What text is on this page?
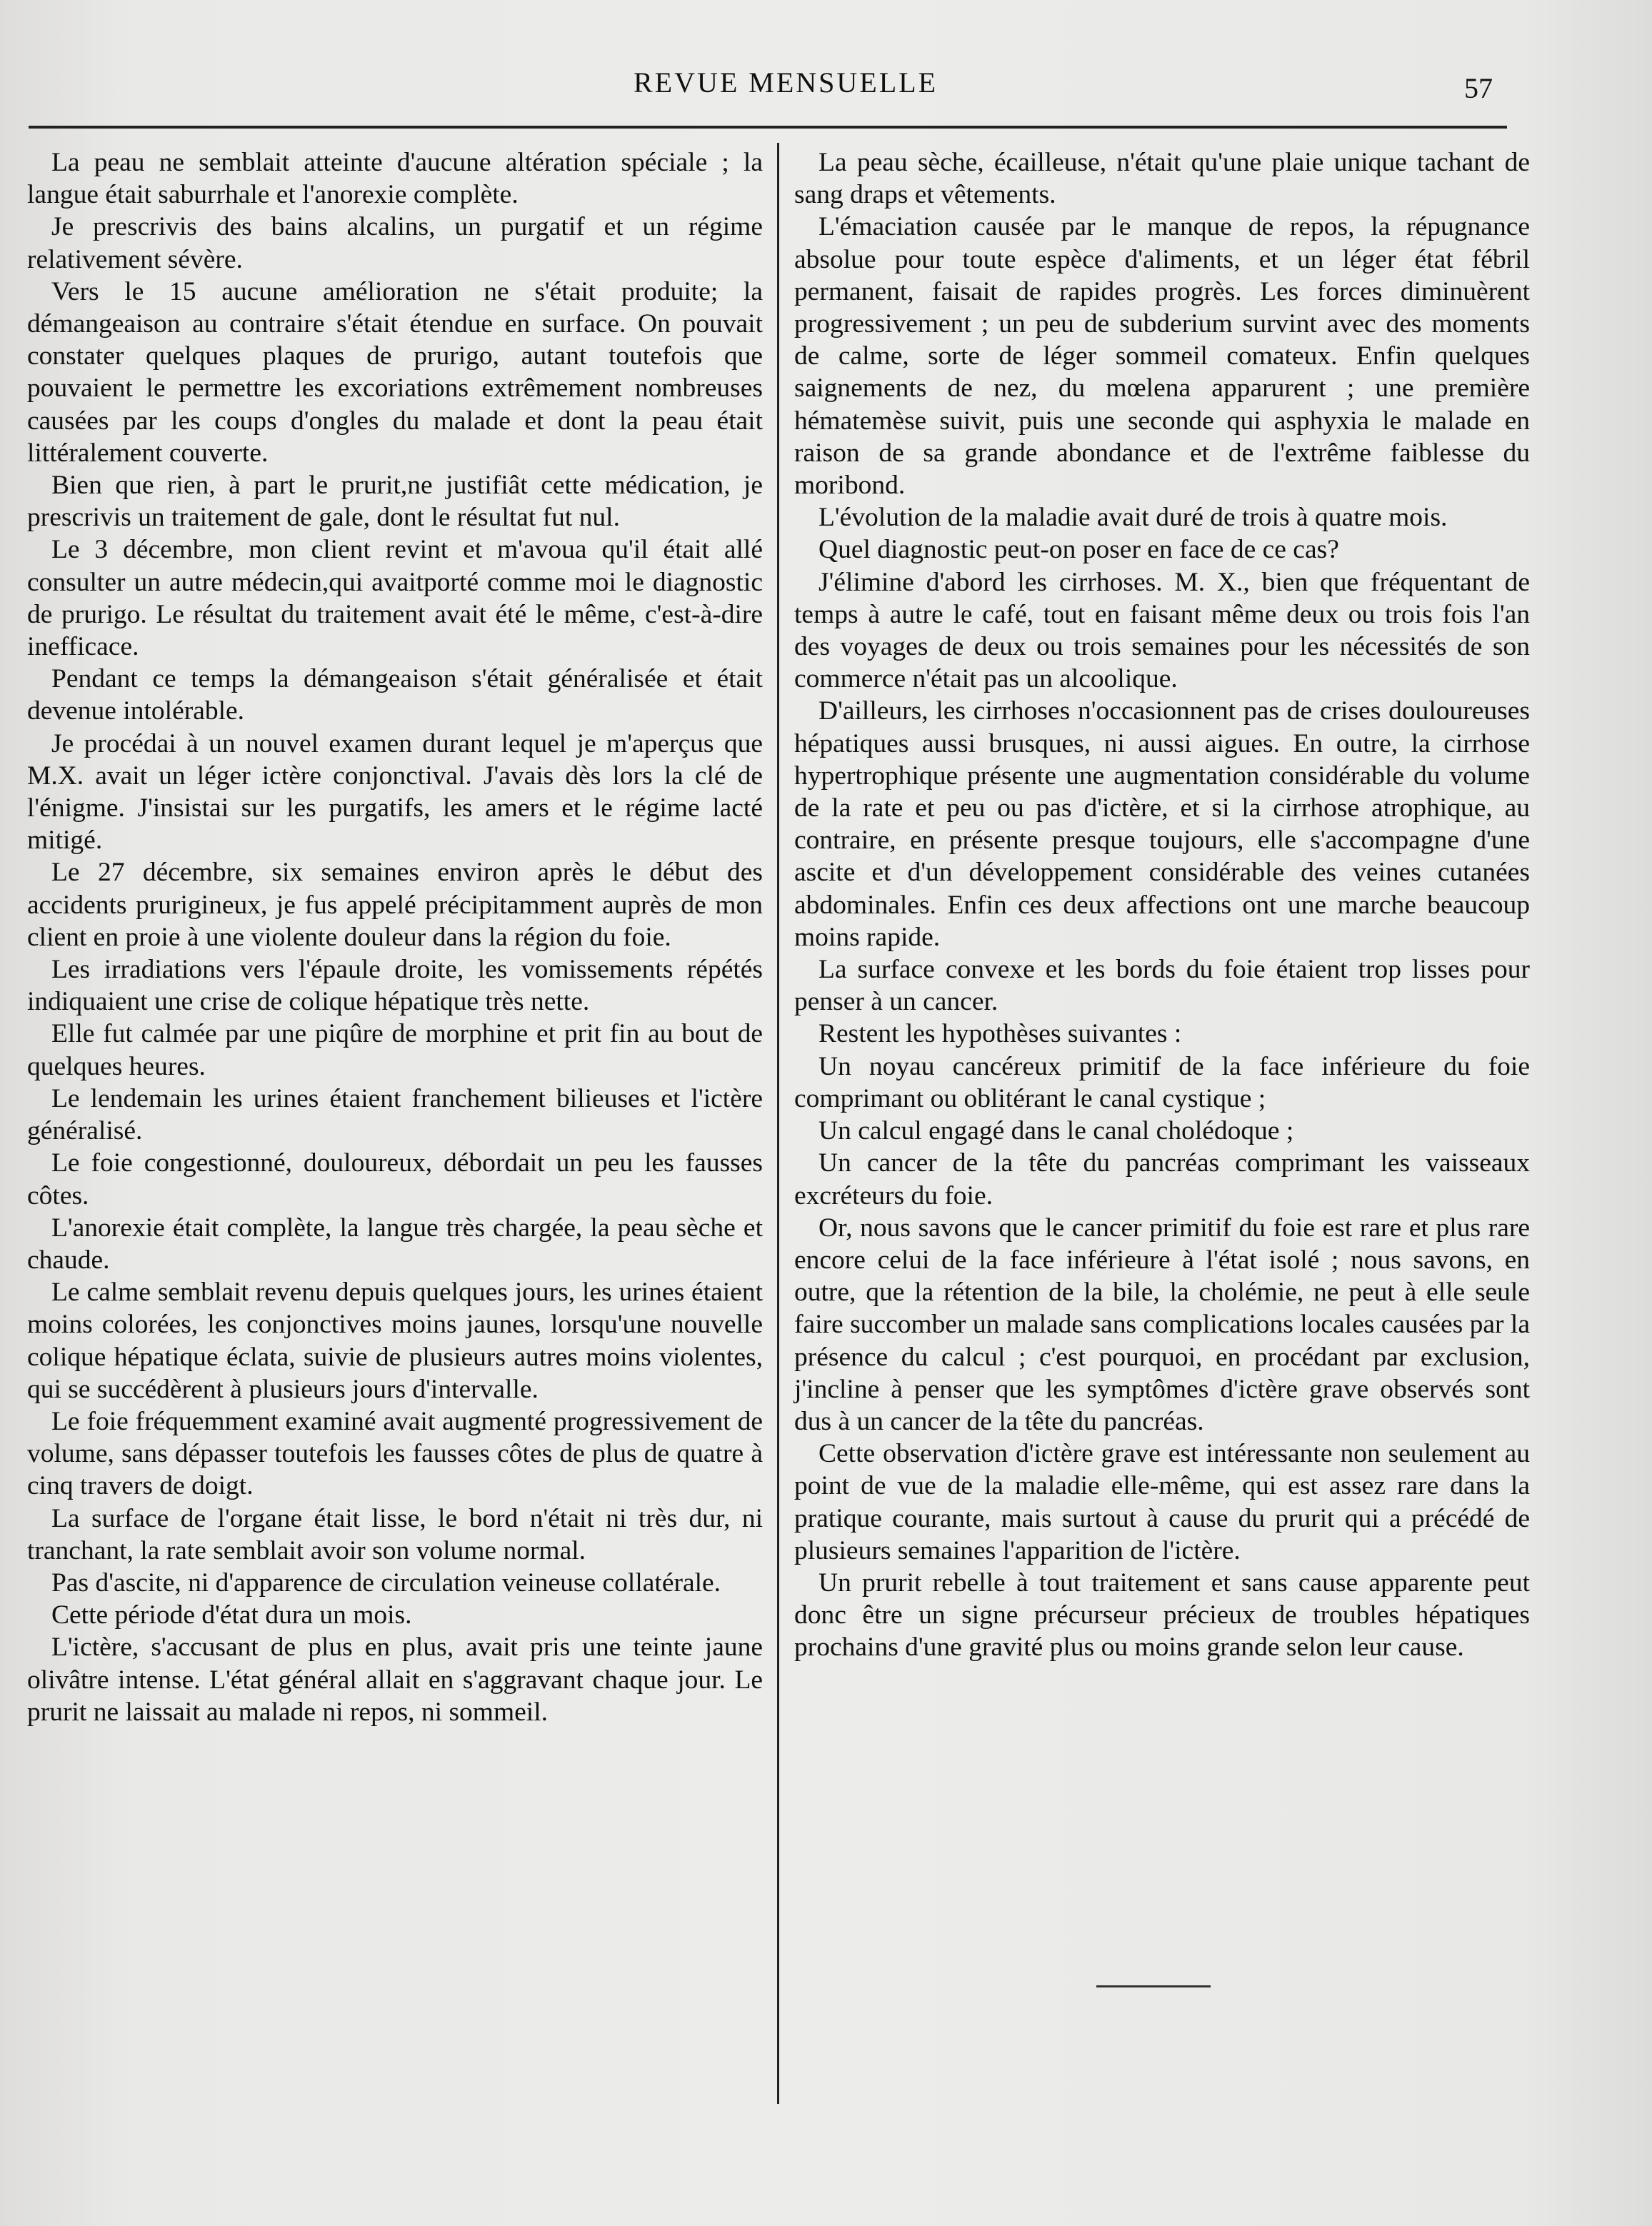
REVUE MENSUELLE	57

La peau ne semblait atteinte d'aucune altération spéciale ; la langue était saburrhale et l'anorexie complète.

Je prescrivis des bains alcalins, un purgatif et un régime relativement sévère.

Vers le 15 aucune amélioration ne s'était produite; la démangeaison au contraire s'était étendue en surface. On pouvait constater quelques plaques de prurigo, autant toutefois que pouvaient le permettre les excoriations extrêmement nombreuses causées par les coups d'ongles du malade et dont la peau était littéralement couverte.

Bien que rien, à part le prurit,ne justifiât cette médication, je prescrivis un traitement de gale, dont le résultat fut nul.

Le 3 décembre, mon client revint et m'avoua qu'il était allé consulter un autre médecin,qui avaitporté comme moi le diagnostic de prurigo. Le résultat du traitement avait été le même, c'est-à-dire inefficace.

Pendant ce temps la démangeaison s'était généralisée et était devenue intolérable.

Je procédai à un nouvel examen durant lequel je m'aperçus que M.X. avait un léger ictère conjonctival. J'avais dès lors la clé de l'énigme. J'insistai sur les purgatifs, les amers et le régime lacté mitigé.

Le 27 décembre, six semaines environ après le début des accidents prurigineux, je fus appelé précipitamment auprès de mon client en proie à une violente douleur dans la région du foie.

Les irradiations vers l'épaule droite, les vomissements répétés indiquaient une crise de colique hépatique très nette.

Elle fut calmée par une piqûre de morphine et prit fin au bout de quelques heures.

Le lendemain les urines étaient franchement bilieuses et l'ictère généralisé.

Le foie congestionné, douloureux, débordait un peu les fausses côtes.

L'anorexie était complète, la langue très chargée, la peau sèche et chaude.

Le calme semblait revenu depuis quelques jours, les urines étaient moins colorées, les conjonctives moins jaunes, lorsqu'une nouvelle colique hépatique éclata, suivie de plusieurs autres moins violentes, qui se succédèrent à plusieurs jours d'intervalle.

Le foie fréquemment examiné avait augmenté progressivement de volume, sans dépasser toutefois les fausses côtes de plus de quatre à cinq travers de doigt.

La surface de l'organe était lisse, le bord n'était ni très dur, ni tranchant, la rate semblait avoir son volume normal.

Pas d'ascite, ni d'apparence de circulation veineuse collatérale.

Cette période d'état dura un mois.

L'ictère, s'accusant de plus en plus, avait pris une teinte jaune olivâtre intense. L'état général allait en s'aggravant chaque jour. Le prurit ne laissait au malade ni repos, ni sommeil.

La peau sèche, écailleuse, n'était qu'une plaie unique tachant de sang draps et vêtements.

L'émaciation causée par le manque de repos, la répugnance absolue pour toute espèce d'aliments, et un léger état fébril permanent, faisait de rapides progrès. Les forces diminuèrent progressivement ; un peu de subderium survint avec des moments de calme, sorte de léger sommeil comateux. Enfin quelques saignements de nez, du mœlena apparurent ; une première hématemèse suivit, puis une seconde qui asphyxia le malade en raison de sa grande abondance et de l'extrême faiblesse du moribond.

L'évolution de la maladie avait duré de trois à quatre mois.

Quel diagnostic peut-on poser en face de ce cas?

J'élimine d'abord les cirrhoses. M. X., bien que fréquentant de temps à autre le café, tout en faisant même deux ou trois fois l'an des voyages de deux ou trois semaines pour les nécessités de son commerce n'était pas un alcoolique.

D'ailleurs, les cirrhoses n'occasionnent pas de crises douloureuses hépatiques aussi brusques, ni aussi aigues. En outre, la cirrhose hypertrophique présente une augmentation considérable du volume de la rate et peu ou pas d'ictère, et si la cirrhose atrophique, au contraire, en présente presque toujours, elle s'accompagne d'une ascite et d'un développement considérable des veines cutanées abdominales. Enfin ces deux affections ont une marche beaucoup moins rapide.

La surface convexe et les bords du foie étaient trop lisses pour penser à un cancer.

Restent les hypothèses suivantes :

Un noyau cancéreux primitif de la face inférieure du foie comprimant ou oblitérant le canal cystique ;

Un calcul engagé dans le canal cholédoque ;

Un cancer de la tête du pancréas comprimant les vaisseaux excréteurs du foie.

Or, nous savons que le cancer primitif du foie est rare et plus rare encore celui de la face inférieure à l'état isolé ; nous savons, en outre, que la rétention de la bile, la cholémie, ne peut à elle seule faire succomber un malade sans complications locales causées par la présence du calcul ; c'est pourquoi, en procédant par exclusion, j'incline à penser que les symptômes d'ictère grave observés sont dus à un cancer de la tête du pancréas.

Cette observation d'ictère grave est intéressante non seulement au point de vue de la maladie elle-même, qui est assez rare dans la pratique courante, mais surtout à cause du prurit qui a précédé de plusieurs semaines l'apparition de l'ictère.

Un prurit rebelle à tout traitement et sans cause apparente peut donc être un signe précurseur précieux de troubles hépatiques prochains d'une gravité plus ou moins grande selon leur cause.
